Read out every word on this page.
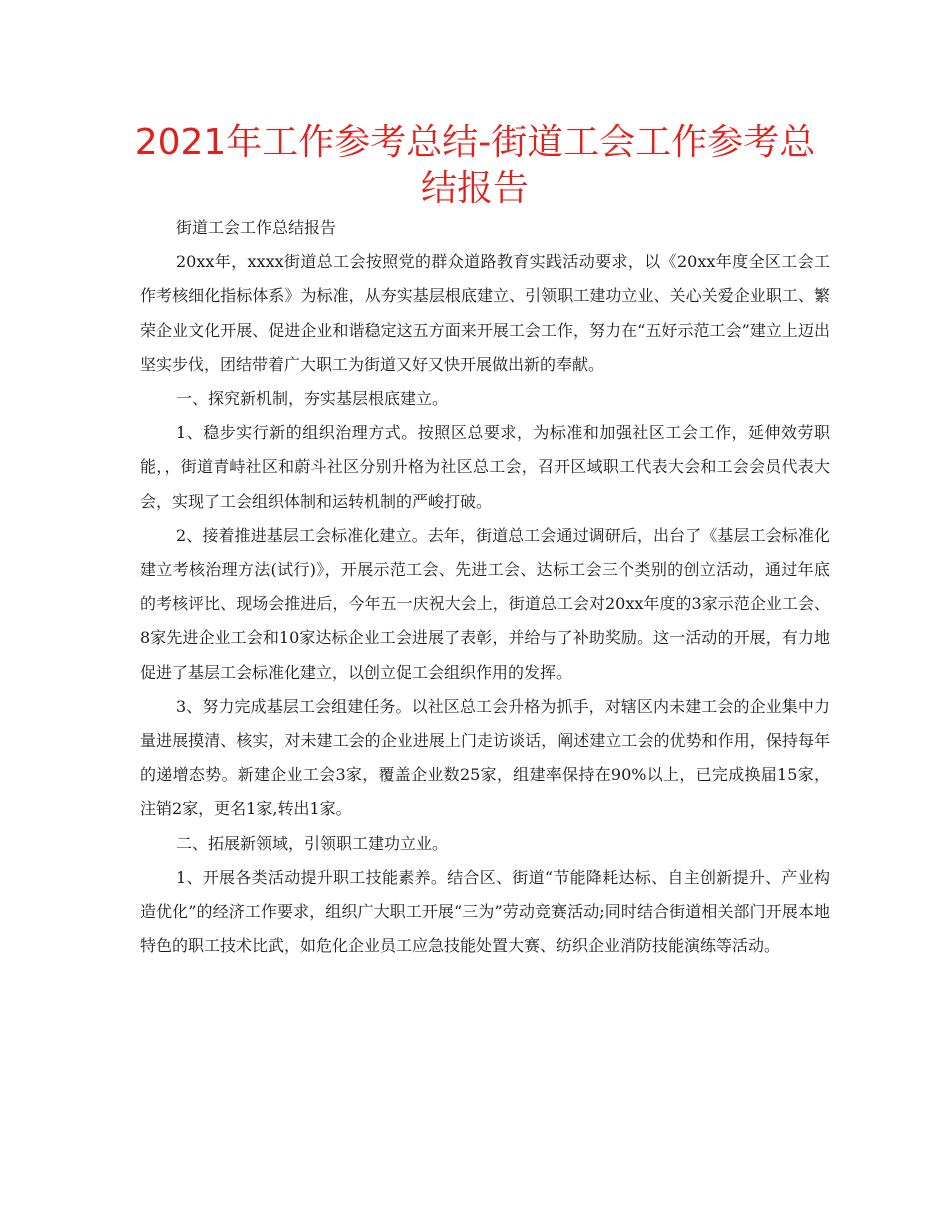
2021年工作参考总结-街道工会工作参考总结报告

街道工会工作总结报告

20xx年，xxxx街道总工会按照党的群众道路教育实践活动要求，以《20xx年度全区工会工作考核细化指标体系》为标准，从夯实基层根底建立、引领职工建功立业、关心关爱企业职工、繁荣企业文化开展、促进企业和谐稳定这五方面来开展工会工作，努力在“五好示范工会”建立上迈出坚实步伐，团结带着广大职工为街道又好又快开展做出新的奉献。

一、探究新机制，夯实基层根底建立。

1、稳步实行新的组织治理方式。按照区总要求，为标准和加强社区工会工作，延伸效劳职能，，街道青峙社区和蔚斗社区分别升格为社区总工会，召开区域职工代表大会和工会会员代表大会，实现了工会组织体制和运转机制的严峻打破。

2、接着推进基层工会标准化建立。去年，街道总工会通过调研后，出台了《基层工会标准化建立考核治理方法(试行)》，开展示范工会、先进工会、达标工会三个类别的创立活动，通过年底的考核评比、现场会推进后，今年五一庆祝大会上，街道总工会对20xx年度的3家示范企业工会、8家先进企业工会和10家达标企业工会进展了表彰，并给与了补助奖励。这一活动的开展，有力地促进了基层工会标准化建立，以创立促工会组织作用的发挥。

3、努力完成基层工会组建任务。以社区总工会升格为抓手，对辖区内未建工会的企业集中力量进展摸清、核实，对未建工会的企业进展上门走访谈话，阐述建立工会的优势和作用，保持每年的递增态势。新建企业工会3家，覆盖企业数25家，组建率保持在90%以上，已完成换届15家，注销2家，更名1家,转出1家。

二、拓展新领域，引领职工建功立业。

1、开展各类活动提升职工技能素养。结合区、街道“节能降耗达标、自主创新提升、产业构造优化”的经济工作要求，组织广大职工开展“三为”劳动竞赛活动;同时结合街道相关部门开展本地特色的职工技术比武，如危化企业员工应急技能处置大赛、纺织企业消防技能演练等活动。
